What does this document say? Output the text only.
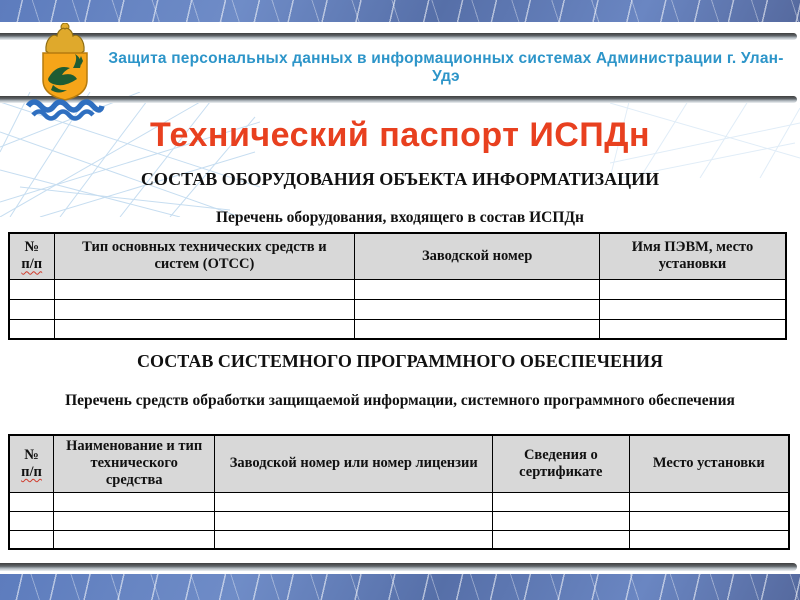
Защита персональных данных в информационных системах Администрации г. Улан-Удэ
Технический паспорт ИСПДн
СОСТАВ ОБОРУДОВАНИЯ ОБЪЕКТА ИНФОРМАТИЗАЦИИ
Перечень оборудования, входящего в состав ИСПДн
№
п/п	Тип основных технических средств и систем (ОТСС)	Заводской номер	Имя ПЭВМ, место установки

СОСТАВ СИСТЕМНОГО ПРОГРАММНОГО ОБЕСПЕЧЕНИЯ
Перечень средств обработки защищаемой информации, системного программного обеспечения
№
п/п	Наименование и тип технического средства	Заводской номер или номер лицензии	Сведения о сертификате	Место установки
